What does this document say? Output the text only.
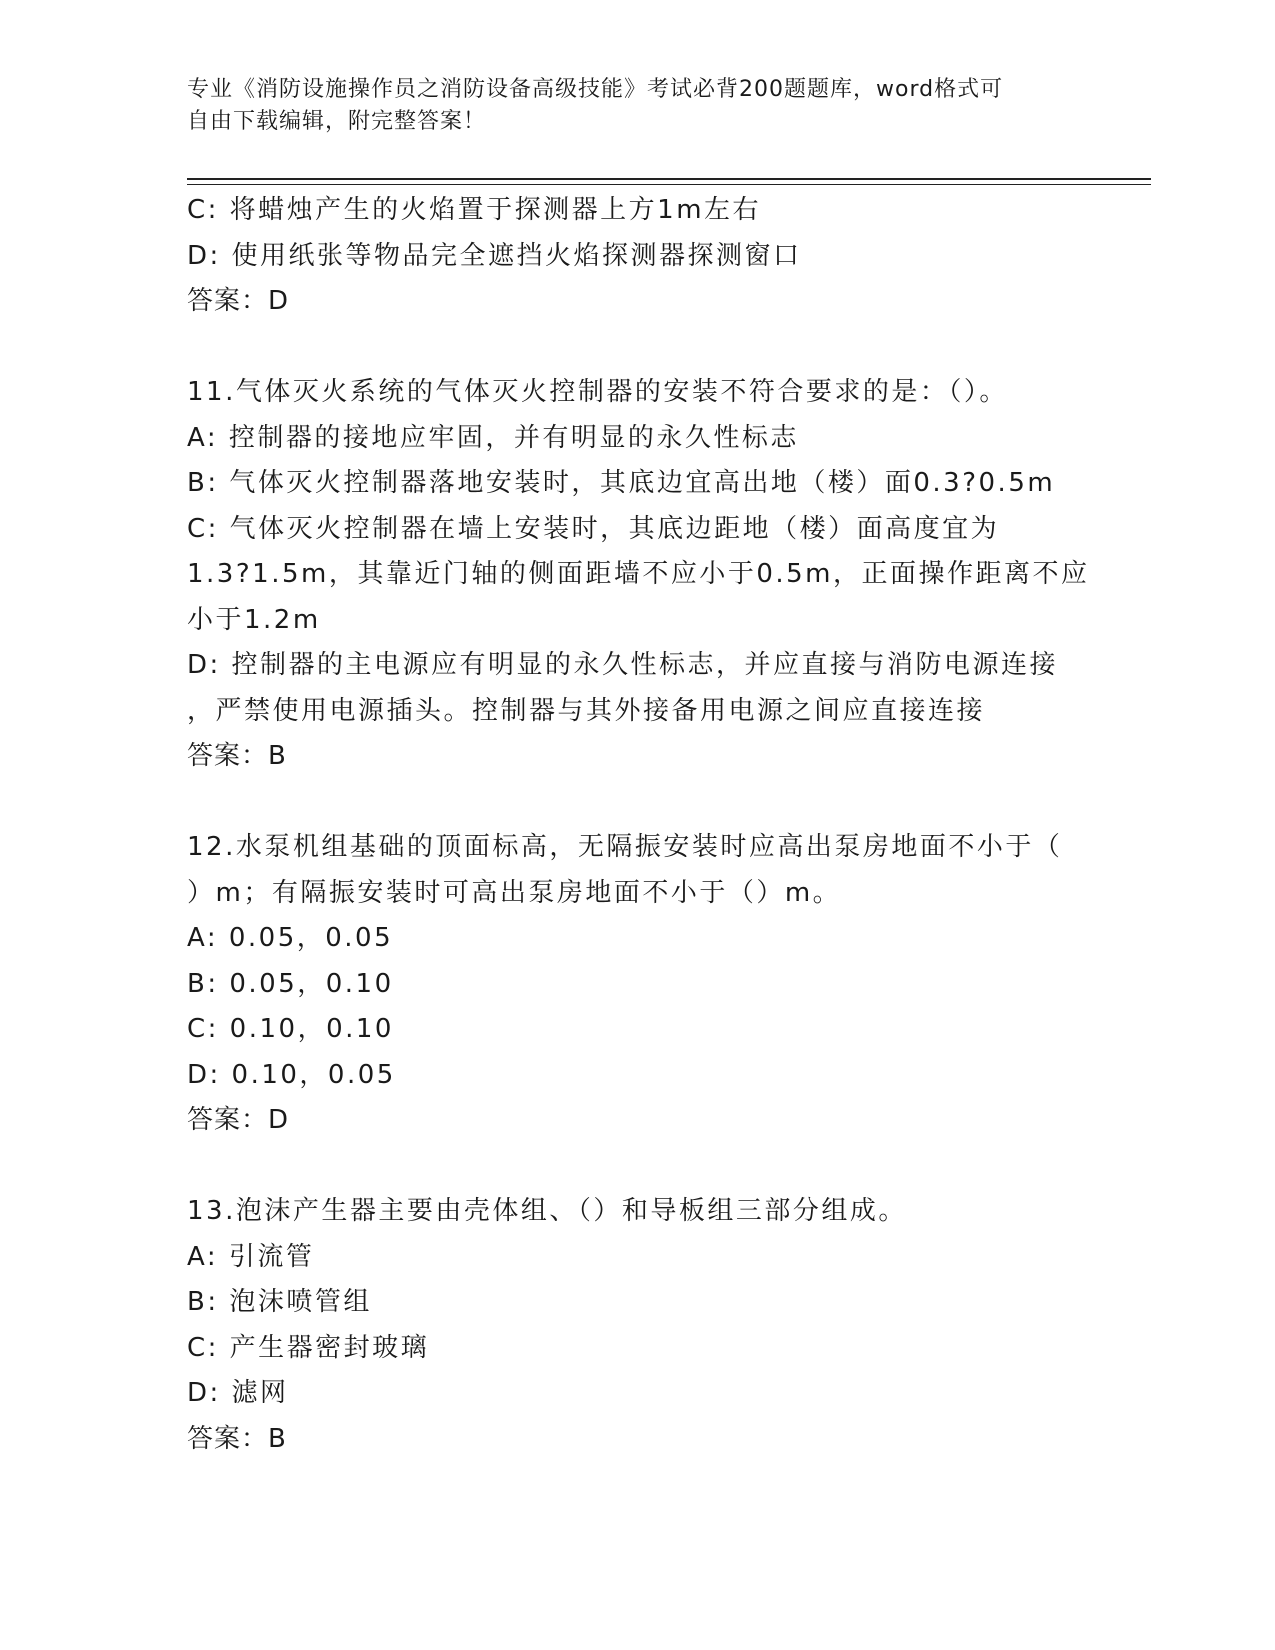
专业《消防设施操作员之消防设备高级技能》考试必背200题题库，word格式可
自由下载编辑，附完整答案！
C: 将蜡烛产生的火焰置于探测器上方1m左右
D: 使用纸张等物品完全遮挡火焰探测器探测窗口
答案：D
11.气体灭火系统的气体灭火控制器的安装不符合要求的是：（）。
A: 控制器的接地应牢固，并有明显的永久性标志
B: 气体灭火控制器落地安装时，其底边宜高出地（楼）面0.3?0.5m
C: 气体灭火控制器在墙上安装时，其底边距地（楼）面高度宜为
1.3?1.5m，其靠近门轴的侧面距墙不应小于0.5m，正面操作距离不应
小于1.2m
D: 控制器的主电源应有明显的永久性标志，并应直接与消防电源连接
，严禁使用电源插头。控制器与其外接备用电源之间应直接连接
答案：B
12.水泵机组基础的顶面标高，无隔振安装时应高出泵房地面不小于（
）m；有隔振安装时可高出泵房地面不小于（）m。
A: 0.05，0.05
B: 0.05，0.10
C: 0.10，0.10
D: 0.10，0.05
答案：D
13.泡沫产生器主要由壳体组、（）和导板组三部分组成。
A: 引流管
B: 泡沫喷管组
C: 产生器密封玻璃
D: 滤网
答案：B
